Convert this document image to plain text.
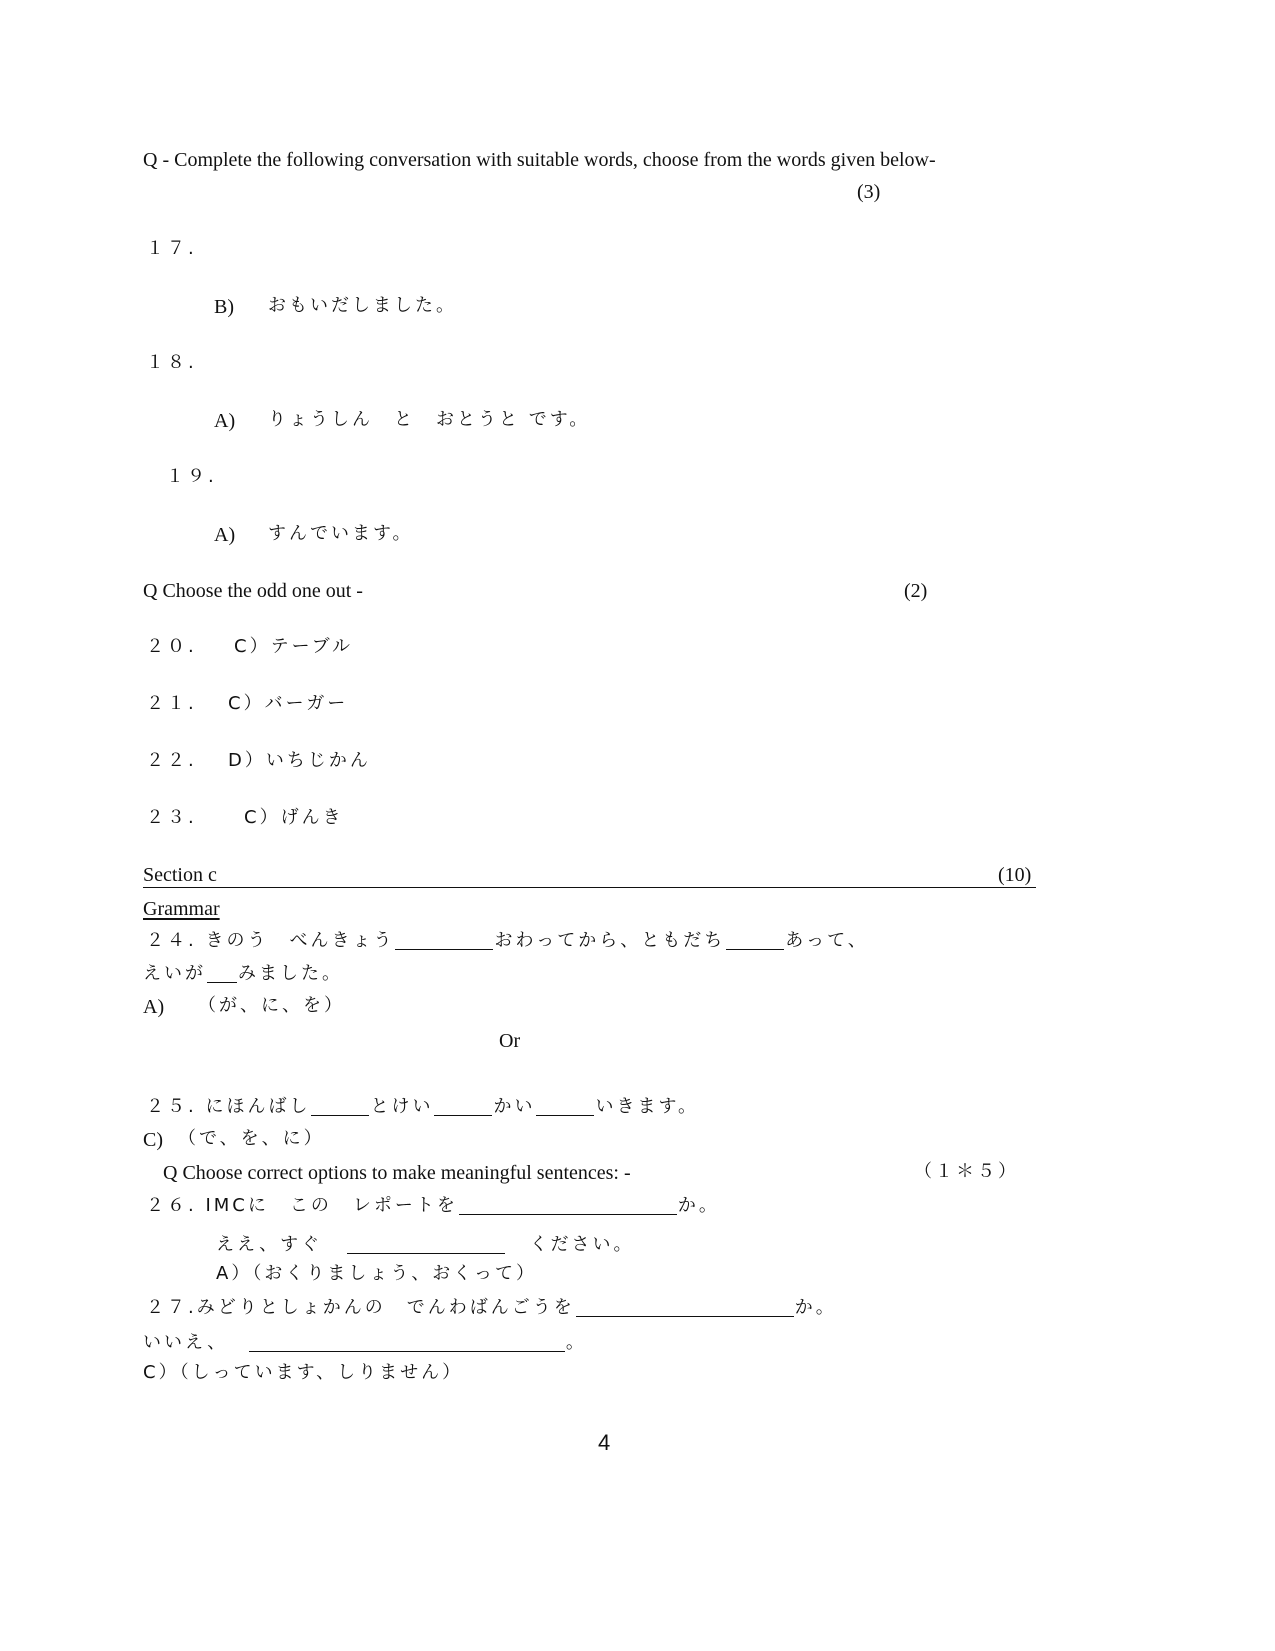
Q - Complete the following conversation with suitable words, choose from the words given below-
(3)
１７.
B) おもいだしました。
１８.
A) りょうしん　と　おとうと です。
１９.
A) すんでいます。
Q Choose the odd one out -	(2)
２０. C）テーブル
２１. C）バーガー
２２. D）いちじかん
２３.	C）げんき
Section c	(10)
Grammar
２４. きのう　べんきょう	おわってから、ともだち	あって、
えいが みました。
A) （が、に、を）
Or
２５. にほんばし	とけい	かい	いきます。
C) （で、を、に）
Q Choose correct options to make meaningful sentences: -	（１＊５）
２６. IMCに　この　レポートを	か。
ええ、すぐ	ください。
A）（おくりましょう、おくって）
２７.みどりとしょかんの　でんわばんごうを	か。
いいえ、	。
C）（しっています、しりません）
4
